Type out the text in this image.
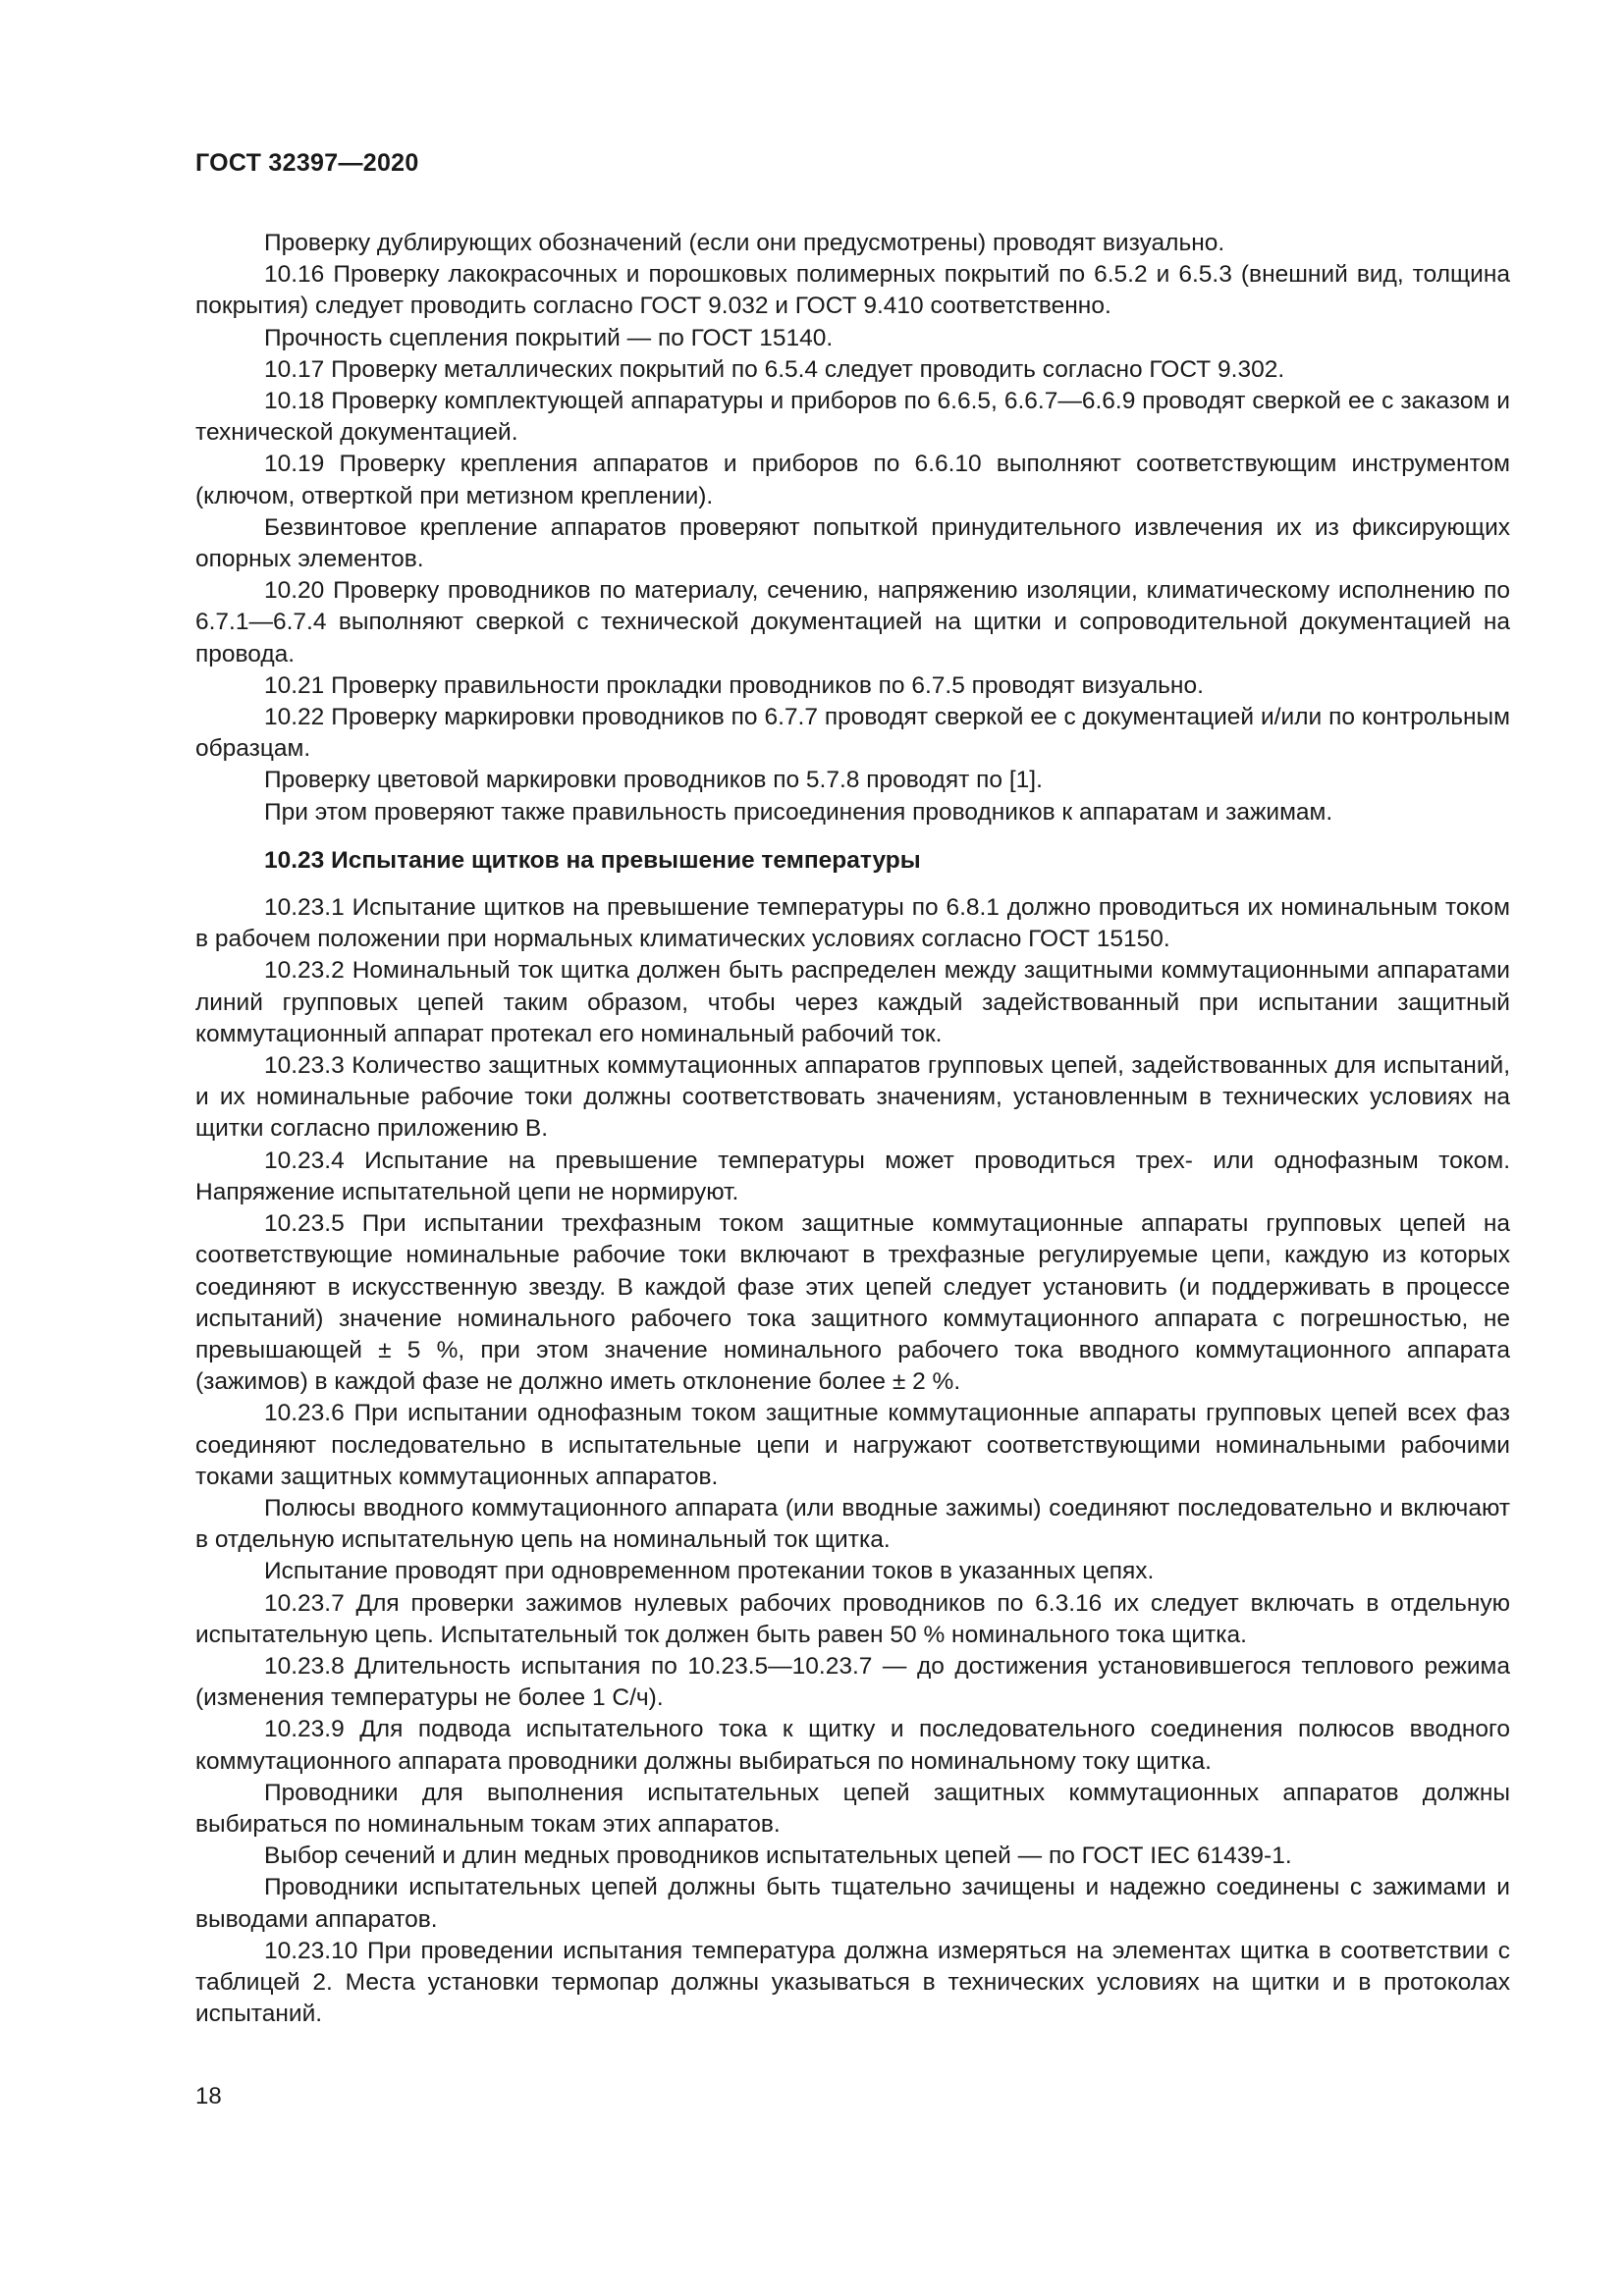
ГОСТ 32397—2020

Проверку дублирующих обозначений (если они предусмотрены) проводят визуально.

10.16 Проверку лакокрасочных и порошковых полимерных покрытий по 6.5.2 и 6.5.3 (внешний вид, толщина покрытия) следует проводить согласно ГОСТ 9.032 и ГОСТ 9.410 соответственно.

Прочность сцепления покрытий — по ГОСТ 15140.

10.17 Проверку металлических покрытий по 6.5.4 следует проводить согласно ГОСТ 9.302.

10.18 Проверку комплектующей аппаратуры и приборов по 6.6.5, 6.6.7—6.6.9 проводят сверкой ее с заказом и технической документацией.

10.19 Проверку крепления аппаратов и приборов по 6.6.10 выполняют соответствующим инструментом (ключом, отверткой при метизном креплении).

Безвинтовое крепление аппаратов проверяют попыткой принудительного извлечения их из фиксирующих опорных элементов.

10.20 Проверку проводников по материалу, сечению, напряжению изоляции, климатическому исполнению по 6.7.1—6.7.4 выполняют сверкой с технической документацией на щитки и сопроводительной документацией на провода.

10.21 Проверку правильности прокладки проводников по 6.7.5 проводят визуально.

10.22 Проверку маркировки проводников по 6.7.7 проводят сверкой ее с документацией и/или по контрольным образцам.

Проверку цветовой маркировки проводников по 5.7.8 проводят по [1].

При этом проверяют также правильность присоединения проводников к аппаратам и зажимам.

10.23 Испытание щитков на превышение температуры

10.23.1 Испытание щитков на превышение температуры по 6.8.1 должно проводиться их номинальным током в рабочем положении при нормальных климатических условиях согласно ГОСТ 15150.

10.23.2 Номинальный ток щитка должен быть распределен между защитными коммутационными аппаратами линий групповых цепей таким образом, чтобы через каждый задействованный при испытании защитный коммутационный аппарат протекал его номинальный рабочий ток.

10.23.3 Количество защитных коммутационных аппаратов групповых цепей, задействованных для испытаний, и их номинальные рабочие токи должны соответствовать значениям, установленным в технических условиях на щитки согласно приложению В.

10.23.4 Испытание на превышение температуры может проводиться трех- или однофазным током. Напряжение испытательной цепи не нормируют.

10.23.5 При испытании трехфазным током защитные коммутационные аппараты групповых цепей на соответствующие номинальные рабочие токи включают в трехфазные регулируемые цепи, каждую из которых соединяют в искусственную звезду. В каждой фазе этих цепей следует установить (и поддерживать в процессе испытаний) значение номинального рабочего тока защитного коммутационного аппарата с погрешностью, не превышающей ± 5 %, при этом значение номинального рабочего тока вводного коммутационного аппарата (зажимов) в каждой фазе не должно иметь отклонение более ± 2 %.

10.23.6 При испытании однофазным током защитные коммутационные аппараты групповых цепей всех фаз соединяют последовательно в испытательные цепи и нагружают соответствующими номинальными рабочими токами защитных коммутационных аппаратов.

Полюсы вводного коммутационного аппарата (или вводные зажимы) соединяют последовательно и включают в отдельную испытательную цепь на номинальный ток щитка.

Испытание проводят при одновременном протекании токов в указанных цепях.

10.23.7 Для проверки зажимов нулевых рабочих проводников по 6.3.16 их следует включать в отдельную испытательную цепь. Испытательный ток должен быть равен 50 % номинального тока щитка.

10.23.8 Длительность испытания по 10.23.5—10.23.7 — до достижения установившегося теплового режима (изменения температуры не более 1 С/ч).

10.23.9 Для подвода испытательного тока к щитку и последовательного соединения полюсов вводного коммутационного аппарата проводники должны выбираться по номинальному току щитка.

Проводники для выполнения испытательных цепей защитных коммутационных аппаратов должны выбираться по номинальным токам этих аппаратов.

Выбор сечений и длин медных проводников испытательных цепей — по ГОСТ IEC 61439-1.

Проводники испытательных цепей должны быть тщательно зачищены и надежно соединены с зажимами и выводами аппаратов.

10.23.10 При проведении испытания температура должна измеряться на элементах щитка в соответствии с таблицей 2. Места установки термопар должны указываться в технических условиях на щитки и в протоколах испытаний.

18
